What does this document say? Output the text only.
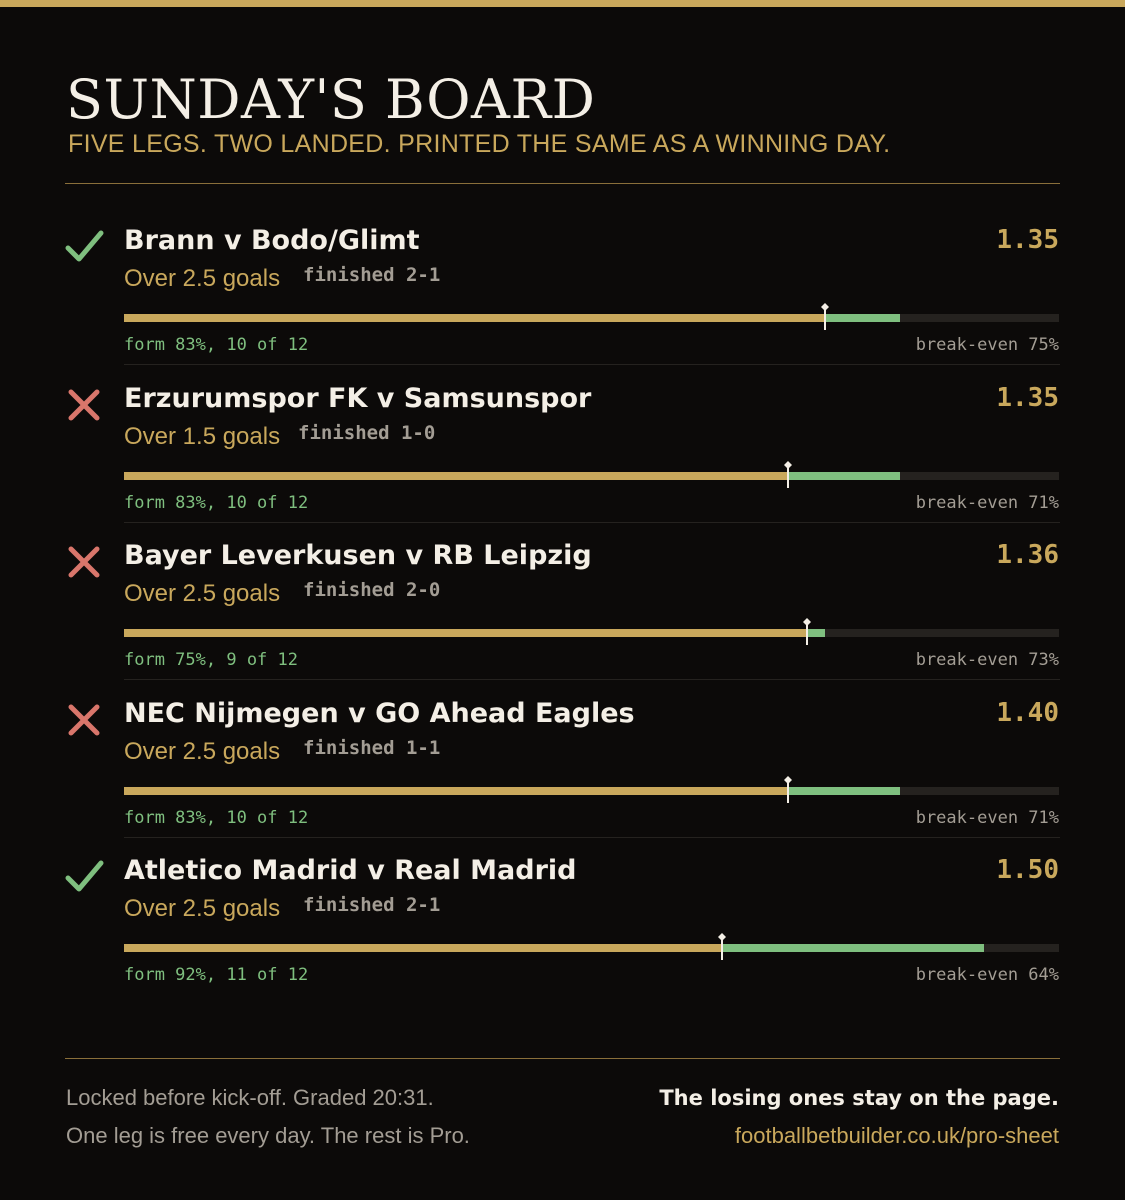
SUNDAY'S BOARD
FIVE LEGS. TWO LANDED. PRINTED THE SAME AS A WINNING DAY.
Brann v Bodo/Glimt	1.35
Over 2.5 goals finished 2-1
form 83%, 10 of 12	break-even 75%
Erzurumspor FK v Samsunspor	1.35
Over 1.5 goals finished 1-0
form 83%, 10 of 12	break-even 71%
Bayer Leverkusen v RB Leipzig	1.36
Over 2.5 goals finished 2-0
form 75%, 9 of 12	break-even 73%
NEC Nijmegen v GO Ahead Eagles	1.40
Over 2.5 goals finished 1-1
form 83%, 10 of 12	break-even 71%
Atletico Madrid v Real Madrid	1.50
Over 2.5 goals finished 2-1
form 92%, 11 of 12	break-even 64%
Locked before kick-off. Graded 20:31.
One leg is free every day. The rest is Pro.
The losing ones stay on the page.
footballbetbuilder.co.uk/pro-sheet
